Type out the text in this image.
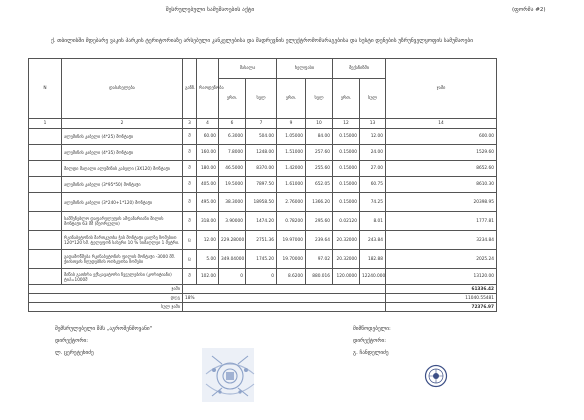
შესრულებული სამუშაოების აქტი	(ფორმა #2)
ქ. თბილისში მდებარე ვაკის პარკის ტერიტორიაზე არსებული კანკელებისა და შადრევნის ელექტრომომარაგებისა და სუსტი დენების უზრუნველყოფის სამუშაოები
N	დასახელება	განზ.	რაოდენობა	მასალა		ხელფასი		მექანიზმი		ჯამი
				ერთ.	სულ	ერთ.	სულ	ერთ.	სულ	
1	2	3	4	6	7	9	10	12	13	14
	ალუმინის კაბელი (4*25) მონტაჟი	მ	60.00	6.3000	504.00	1.05000	84.00	0.15000	12.00	600.00
	ალუმინის კაბელი (4*35) მონტაჟი	მ	160.00	7.8000	1248.00	1.51000	257.60	0.15000	24.00	1529.60
	მილდი მაღალი ალუმინის კაბელი (3X120) მონტაჟი	მ	180.00	46.5000	8370.00	1.42000	255.60	0.15000	27.00	8652.60
	ალუმინის კაბელი (3*95*50) მონტაჟი	მ	405.00	19.5000	7897.50	1.61000	652.05	0.15000	60.75	8610.30
	ალუმინის კაბელი (3*240+1*120) მონტაჟი	მ	495.00	38.3000	18958.50	2.76000	1366.20	0.15000	74.25	20398.95
	სამშენებლო დაფარულუფის ამფაზარიანი მილის მონტაჟი 63 მმ (მეორეული)	მ	318.00	3.90000	1474.20	0.78200	295.60	0.02120	8.01	1777.81
	რკინაბეტონის მართკუთხა ჭის მონტაჟი ცალზე ზომებით 120*120 სმ. ტელეფონ სახერი 10 % სიმაღლეი 1 მეტრი.	ც	12.00	229.28000	2751.36	19.97000	239.64	20.32000	243.84	3234.84
	გადამოწმება რკინაბეტონის ფილის მონტაჟი -3000 მმ. ჭიისთვის ზღუდებზის ოთხკუთხა ზომები	ც	5.00	349.04000	1745.20	19.70000	97.02	20.32000	182.88	2025.24
	მიწის გათხრა ექსკავატორი ჩვეულებისი (კორიტიანი) ტიპ=1000მ	მ	102.00	0	0	8.6200	880.016	120.0000	12240.000	13120.00
ჯამი										61336.42
დღგ		18%								11040.55481
სულ ჯამი										72376.97
შემსრულებელი შპს „აგროშენმოვანი"
დირექტორი:
ლ. ცერეტეხიძე
მიმწოდებელი:
დირექტორი:
გ. ჩანდელიძე
